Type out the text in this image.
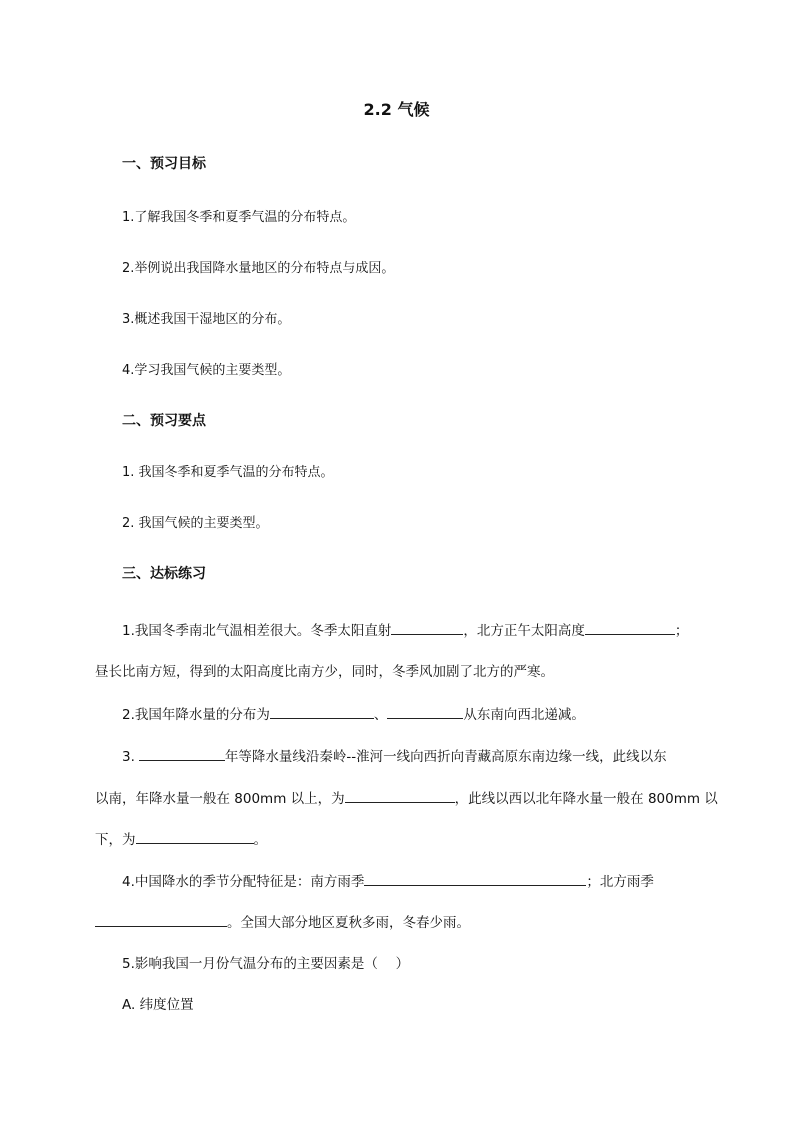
2.2 气候
一、预习目标
1.了解我国冬季和夏季气温的分布特点。
2.举例说出我国降水量地区的分布特点与成因。
3.概述我国干湿地区的分布。
4.学习我国气候的主要类型。
二、预习要点
1. 我国冬季和夏季气温的分布特点。
2. 我国气候的主要类型。
三、达标练习
1.我国冬季南北气温相差很大。冬季太阳直射	，北方正午太阳高度	；
昼长比南方短，得到的太阳高度比南方少，同时，冬季风加剧了北方的严寒。
2.我国年降水量的分布为	、	从东南向西北递减。
3.	年等降水量线沿秦岭--淮河一线向西折向青藏高原东南边缘一线，此线以东
以南，年降水量一般在 800mm 以上，为	，此线以西以北年降水量一般在 800mm 以
下，为	。
4.中国降水的季节分配特征是：南方雨季	；北方雨季
。全国大部分地区夏秋多雨，冬春少雨。
5.影响我国一月份气温分布的主要因素是（　 ）
A. 纬度位置
